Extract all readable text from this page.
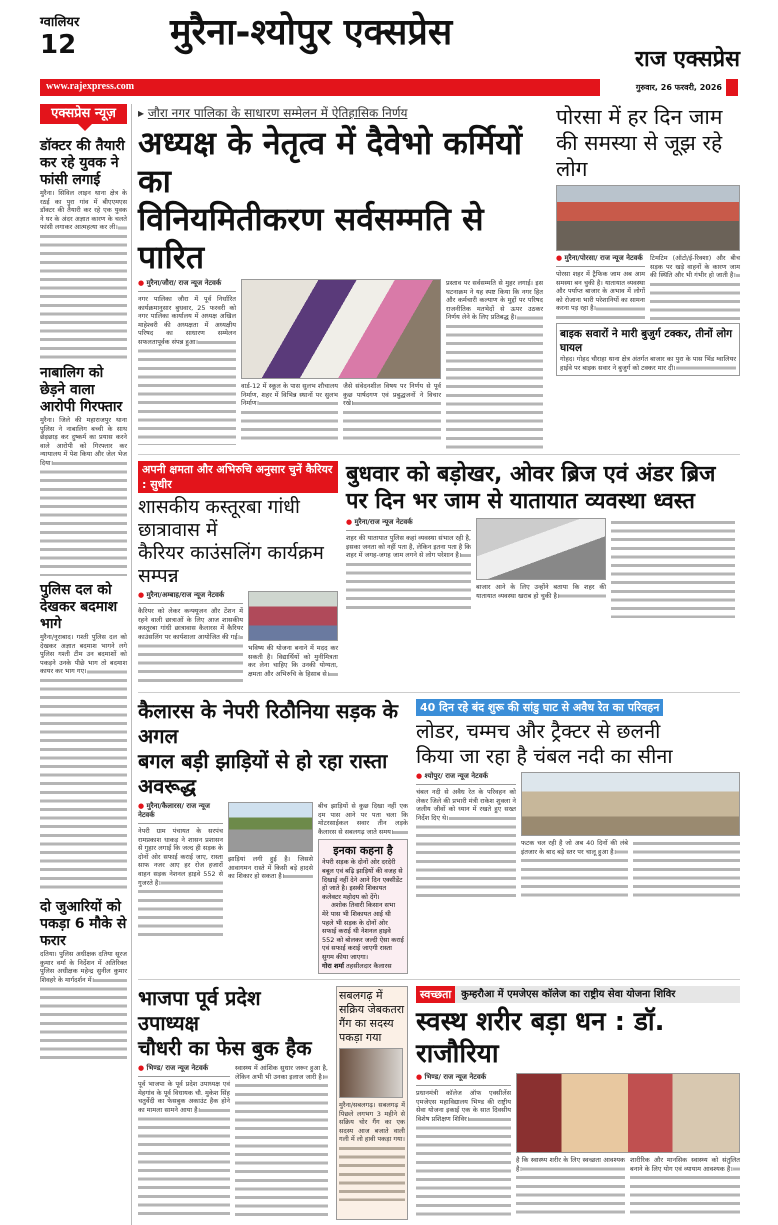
ग्वालियर
12	मुरैना-श्योपुर एक्सप्रेस
राज एक्सप्रेस
www.rajexpress.com	गुरुवार, 26 फरवरी, 2026
एक्सप्रेस न्यूज़
डॉक्टर की तैयारी कर रहे युवक ने फांसी लगाई
मुरैना। सिविल लाइन थाना क्षेत्र के रठई का पुरा गांव में बीएएमएस डॉक्टर की तैयारी कर रहे एक युवक ने घर के अंदर अज्ञात कारण के चलते फांसी लगाकर आत्महत्या कर ली।
नाबालिग को छेड़ने वाला आरोपी गिरफ्तार
मुरैना। जिले की महाराजपुर थाना पुलिस ने नाबालिग बच्ची के साथ छेड़छाड़ कर दुष्कर्म का प्रयास करने वाले आरोपी को गिरफ्तार कर न्यायालय में पेश किया और जेल भेज दिया।
पुलिस दल को देखकर बदमाश भागे
मुरैना/नूराबाद। गश्ती पुलिस दल को देखकर अज्ञात बदमाश भागने लगे पुलिस गश्ती टीम उन बदमाशों को पकड़ने उनके पीछे भाग तो बदमाश कायर कर भाग गए।
दो जुआरियों को पकड़ा 6 मौके से फरार
दतिया। पुलिस अधीक्षक दतिया सूरज कुमार वर्मा के निर्देशन में अतिरिक्त पुलिस अधीक्षक महेन्द्र सुनील कुमार शिवहरे के मार्गदर्शन में।
▸ जौरा नगर पालिका के साधारण सम्मेलन में ऐतिहासिक निर्णय
अध्यक्ष के नेतृत्व में दैवेभो कर्मियों का
विनियमितीकरण सर्वसम्मति से पारित
● मुरैना/जौरा/ राज न्यूज नेटवर्क
नगर पालिका जौरा में पूर्व निर्धारित कार्यक्रमानुसार बुधवार, 25 फरवरी को नगर पालिका कार्यालय में अध्यक्ष अखिल माहेश्वरी की अध्यक्षता में अध्यक्षीय परिषद का साधारण सम्मेलन सफलतापूर्वक संपन्न हुआ।
वार्ड-12 में स्कूल के पास सुलभ शौचालय निर्माण, शहर में विभिन्न स्थानों पर सुलभ निर्माण।
जैसे संवेदनशील विषय पर निर्णय से पूर्व कुछ पार्षदगण एवं प्रबुद्धजनों ने विचार रखे।
प्रस्ताव पर सर्वसम्मति से मुहर लगाई। इस घटनाक्रम ने यह स्पष्ट किया कि नगर हित और कर्मचारी कल्याण के मुद्दों पर परिषद राजनीतिक मतभेदों से ऊपर उठकर निर्णय लेने के लिए प्रतिबद्ध है।
पोरसा में हर दिन जाम की समस्या से जूझ रहे लोग
● मुरैना/पोरसा/ राज न्यूज नेटवर्क
पोरसा शहर में ट्रैफिक जाम अब आम समस्या बन चुकी है। यातायात व्यवस्था और पर्याप्त बाजार के अभाव में लोगों को रोजाना भारी परेशानियों का सामना करना पड़ रहा है।
टिमटिम (ऑटो/ई-रिक्शा) और बीच सड़क पर खड़े वाहनों के कारण जाम की स्थिति और भी गंभीर हो जाती है।
बाइक सवारों ने मारी बुजुर्ग टक्कर, तीनों लोग घायल
गोहद। गोहद चौराहा थाना क्षेत्र अंतर्गत बाजार का पुरा के पास भिंड ग्वालियर हाईवे पर बाइक सवार ने बुजुर्ग को टक्कर मार दी।
अपनी क्षमता और अभिरुचि अनुसार चुनें कैरियर : सुधीर
शासकीय कस्तूरबा गांधी छात्रावास में
कैरियर काउंसलिंग कार्यक्रम सम्पन्न
● मुरैना/अम्बाह/राज न्यूज नेटवर्क
कैरियर को लेकर कन्फ्यूजन और टेंशन में रहने वाली छात्राओं के लिए आज शासकीय कस्तूरबा गांधी छात्रावास कैलारस में कैरियर काउंसलिंग पर कार्यशाला आयोजित की गई।
भविष्य की योजना बनाने में मदद कर सकती है। विद्यार्थियों को मुनीमित्रता कर लेना चाहिए कि उनकी योग्यता, क्षमता और अभिरुचि के हिसाब से।
बुधवार को बड़ोखर, ओवर ब्रिज एवं अंडर ब्रिज
पर दिन भर जाम से यातायात व्यवस्था ध्वस्त
● मुरैना/राज न्यूज नेटवर्क
शहर की यातायात पुलिस कहां व्यवस्था संभाल रही है, इसका जनता को नहीं पता है, लेकिन इतना पता है कि शहर में जगह-जगह जाम लगने से लोग परेशान है।
बाजार आने के लिए उन्होंने बताया कि शहर की यातायात व्यवस्था खराब हो चुकी है।
कैलारस के नेपरी रिठौनिया सड़क के अगल
बगल बड़ी झाड़ियों से हो रहा रास्ता अवरूद्ध
● मुरैना/कैलारस/ राज न्यूज नेटवर्क
नेपरी ग्राम पंचायत के सरपंच रामप्रकाश धाकड़ ने शासन प्रशासन से गुहार लगाई कि जल्द ही सड़क के दोनों ओर सफाई कराई जाए, रास्ता साफ नजर आए हर रोज हजारों वाहन सड़क नेशनल हाइवे 552 से गुजरते है।
झाड़ियां लगी हुई है। जिससे आवागमन रास्ते में किसी बड़े हादसे का शिकार हो सकता है।
बीच झाड़ियों से कुछ दिखा नहीं एक दम पास आने पर पता चला कि मोटरसाईकल सवार तीन लड़के कैलारस से सबलगढ़ जाते समय।
इनका कहना है
नेपरी सड़क के दोनों ओर दरदेरी बबूल एवं बढ़ि झाड़ियों की वजह से दिखाई नहीं देने आने दिन एक्सीडेंट हो जाते है। इसकी शिकायत कलेक्टर महोदय को देंगे।
अशोक तिवारी किसान सभा
मेरे पास भी शिकायत आई थी पहले भी सड़क के दोनों ओर सफाई कराई थी नेशनल हाइवे 552 को बोलकर जल्दी ऐसा कराई एवं सफाई कराई जाएगी रास्ता सुगम कीया जाएगा।
गोरा शर्मा तहसीलदार कैलारस
40 दिन रहे बंद शुरू की सांडु घाट से अवैध रेत का परिवहन
लोडर, चम्मच और ट्रैक्टर से छलनी
किया जा रहा है चंबल नदी का सीना
● श्योपुर/ राज न्यूज नेटवर्क
चंबल नदी से अवैध रेत के परिवहन को लेकर जिले की प्रभारी मंत्री राकेश शुक्ला ने जलीय जीवों को ध्यान में रखते हुए सख्त निर्देश दिए थे।
फटक चल रही है जो अब 40 दिनों की लंबे इंतजार के बाद बड़े स्तर पर चालू हुआ है।
भाजपा पूर्व प्रदेश उपाध्यक्ष
चौधरी का फेस बुक हैक
● भिण्ड/ राज न्यूज नेटवर्क
पूर्व भाजपा के पूर्व प्रदेश उपाध्यक्ष एवं मेहगांव के पूर्व विधायक चौ. मुकेश सिंह चतुर्वेदी का फेसबुक अकाउंट हैक होने का मामला सामने आया है।
स्वास्थ्य में आंशिक सुधार जरूर हुआ है, लेकिन अभी भी उनका इलाज जारी है।
सबलगढ़ में सक्रिय जेबकतरा गैंग का सदस्य पकड़ा गया
मुरैना/सबलगढ़। सबलगढ़ में पिछले लगभग 3 महीने से सक्रिय चोर गैंग का एक सदस्य आज बजाते वाली गली में लो हावी पकड़ा गया।
स्वच्छता	कुम्हरौआ में एमजेएस कॉलेज का राष्ट्रीय सेवा योजना शिविर
स्वस्थ शरीर बड़ा धन : डॉ. राजौरिया
● भिण्ड/ राज न्यूज नेटवर्क
प्रधानमंत्री कॉलेज ऑफ एक्सीलेंस एमजेएस महाविद्यालय भिण्ड की राष्ट्रीय सेवा योजना इकाई एक के सात दिवसीय विशेष प्रशिक्षण शिविर।
है कि स्वास्थ्य शरीर के लिए स्वच्छता आवश्यक है।
शारीरिक और मानसिक स्वास्थ्य को संतुलित बनाने के लिए योग एवं व्यायाम आवश्यक है।
